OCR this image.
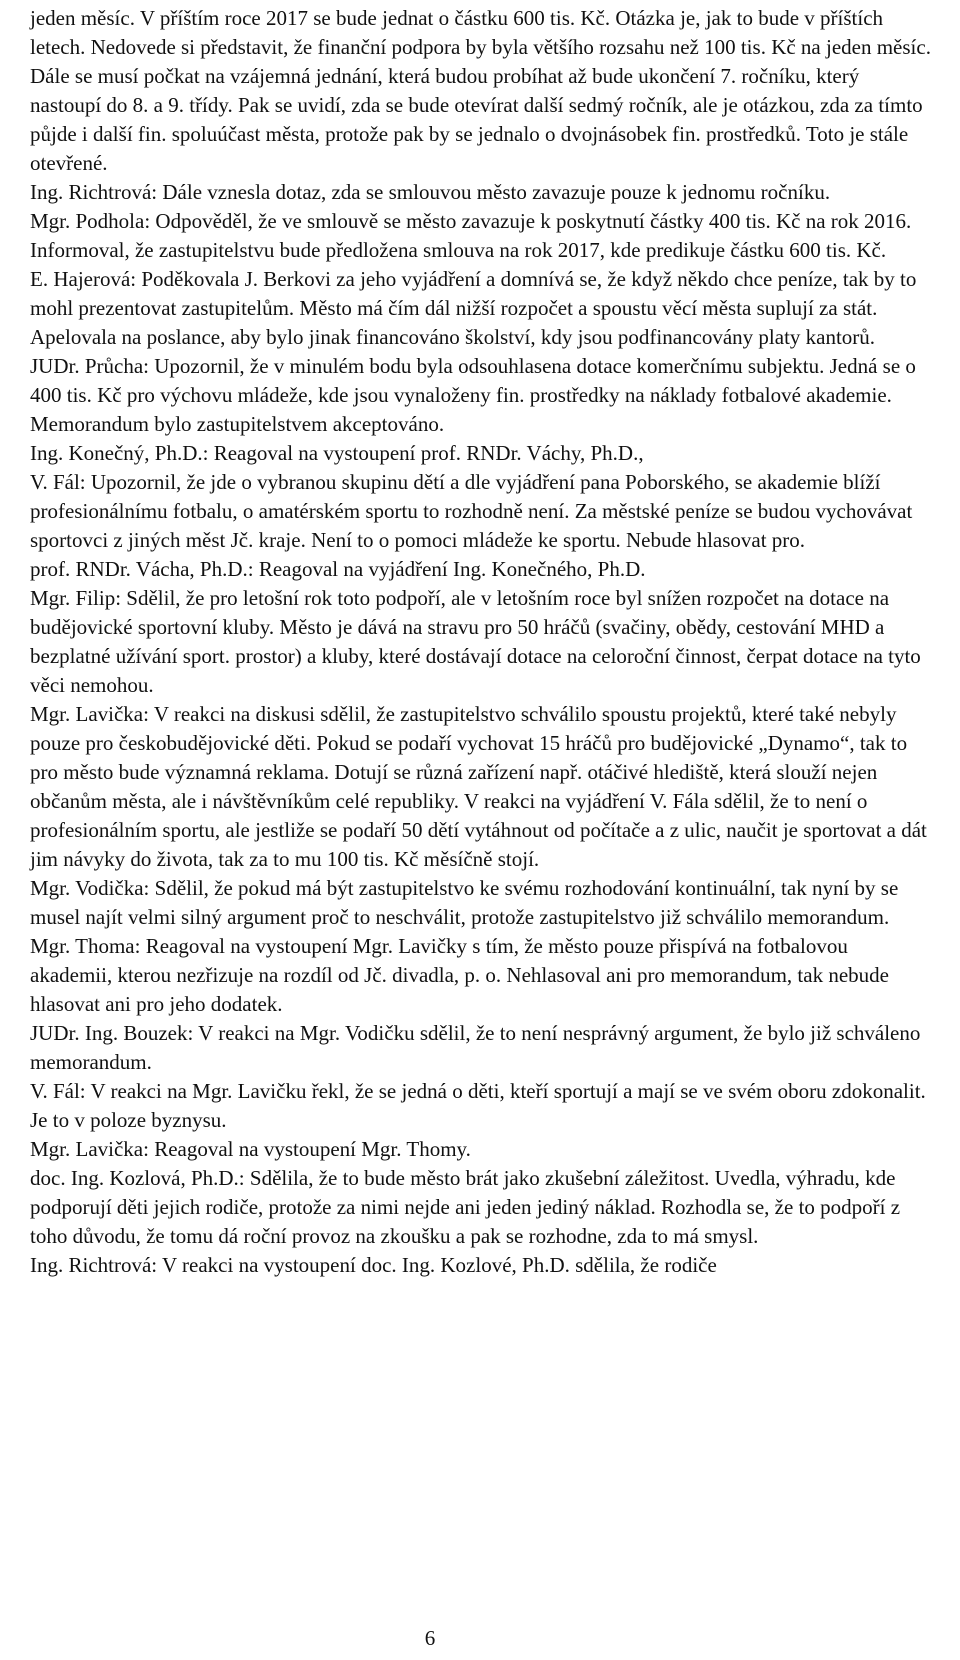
jeden měsíc. V příštím roce 2017 se bude jednat o částku 600 tis. Kč. Otázka je, jak to bude v příštích letech. Nedovede si představit, že finanční podpora by byla většího rozsahu než 100 tis. Kč na jeden měsíc.

Dále se musí počkat na vzájemná jednání, která budou probíhat až bude ukončení 7. ročníku, který nastoupí do 8. a 9. třídy. Pak se uvidí, zda se bude otevírat další sedmý ročník, ale je otázkou, zda za tímto půjde i další fin. spoluúčast města, protože pak by se jednalo o dvojnásobek fin. prostředků. Toto je stále otevřené.

Ing. Richtrová: Dále vznesla dotaz, zda se smlouvou město zavazuje pouze k jednomu ročníku.

Mgr. Podhola: Odpověděl, že ve smlouvě se město zavazuje k poskytnutí částky 400 tis. Kč na rok 2016. Informoval, že zastupitelstvu bude předložena smlouva na rok 2017, kde predikuje částku 600 tis. Kč.

E. Hajerová: Poděkovala J. Berkovi za jeho vyjádření a domnívá se, že když někdo chce peníze, tak by to mohl prezentovat zastupitelům. Město má čím dál nižší rozpočet a spoustu věcí města suplují za stát. Apelovala na poslance, aby bylo jinak financováno školství, kdy jsou podfinancovány platy kantorů.

JUDr. Průcha: Upozornil, že v minulém bodu byla odsouhlasena dotace komerčnímu subjektu. Jedná se o 400 tis. Kč pro výchovu mládeže, kde jsou vynaloženy fin. prostředky na náklady fotbalové akademie. Memorandum bylo zastupitelstvem akceptováno.

Ing. Konečný, Ph.D.: Reagoval na vystoupení prof. RNDr. Váchy, Ph.D.,

V. Fál: Upozornil, že jde o vybranou skupinu dětí a dle vyjádření pana Poborského, se akademie blíží profesionálnímu fotbalu, o amatérském sportu to rozhodně není. Za městské peníze se budou vychovávat sportovci z jiných měst Jč. kraje. Není to o pomoci mládeže ke sportu. Nebude hlasovat pro.

prof. RNDr. Vácha, Ph.D.: Reagoval na vyjádření Ing. Konečného, Ph.D.

Mgr. Filip: Sdělil, že pro letošní rok toto podpoří, ale v letošním roce byl snížen rozpočet na dotace na budějovické sportovní kluby. Město je dává na stravu pro 50 hráčů (svačiny, obědy, cestování MHD a bezplatné užívání sport. prostor) a kluby, které dostávají dotace na celoroční činnost, čerpat dotace na tyto věci nemohou.

Mgr. Lavička: V reakci na diskusi sdělil, že zastupitelstvo schválilo spoustu projektů, které také nebyly pouze pro českobudějovické děti. Pokud se podaří vychovat 15 hráčů pro budějovické „Dynamo“, tak to pro město bude významná reklama. Dotují se různá zařízení např. otáčivé hlediště, která slouží nejen občanům města, ale i návštěvníkům celé republiky. V reakci na vyjádření V. Fála sdělil, že to není o profesionálním sportu, ale jestliže se podaří 50 dětí vytáhnout od počítače a z ulic, naučit je sportovat a dát jim návyky do života, tak za to mu 100 tis. Kč měsíčně stojí.

Mgr. Vodička: Sdělil, že pokud má být zastupitelstvo ke svému rozhodování kontinuální, tak nyní by se musel najít velmi silný argument proč to neschválit, protože zastupitelstvo již schválilo memorandum.

Mgr. Thoma: Reagoval na vystoupení Mgr. Lavičky s tím, že město pouze přispívá na fotbalovou akademii, kterou nezřizuje na rozdíl od Jč. divadla, p. o. Nehlasoval ani pro memorandum, tak nebude hlasovat ani pro jeho dodatek.

JUDr. Ing. Bouzek: V reakci na Mgr. Vodičku sdělil, že to není nesprávný argument, že bylo již schváleno memorandum.

V. Fál: V reakci na Mgr. Lavičku řekl, že se jedná o děti, kteří sportují a mají se ve svém oboru zdokonalit. Je to v poloze byznysu.

Mgr. Lavička: Reagoval na vystoupení Mgr. Thomy.

doc. Ing. Kozlová, Ph.D.: Sdělila, že to bude město brát jako zkušební záležitost. Uvedla, výhradu, kde podporují děti jejich rodiče, protože za nimi nejde ani jeden jediný náklad. Rozhodla se, že to podpoří z toho důvodu, že tomu dá roční provoz na zkoušku a pak se rozhodne, zda to má smysl.

Ing. Richtrová: V reakci na vystoupení doc. Ing. Kozlové, Ph.D. sdělila, že rodiče

6
